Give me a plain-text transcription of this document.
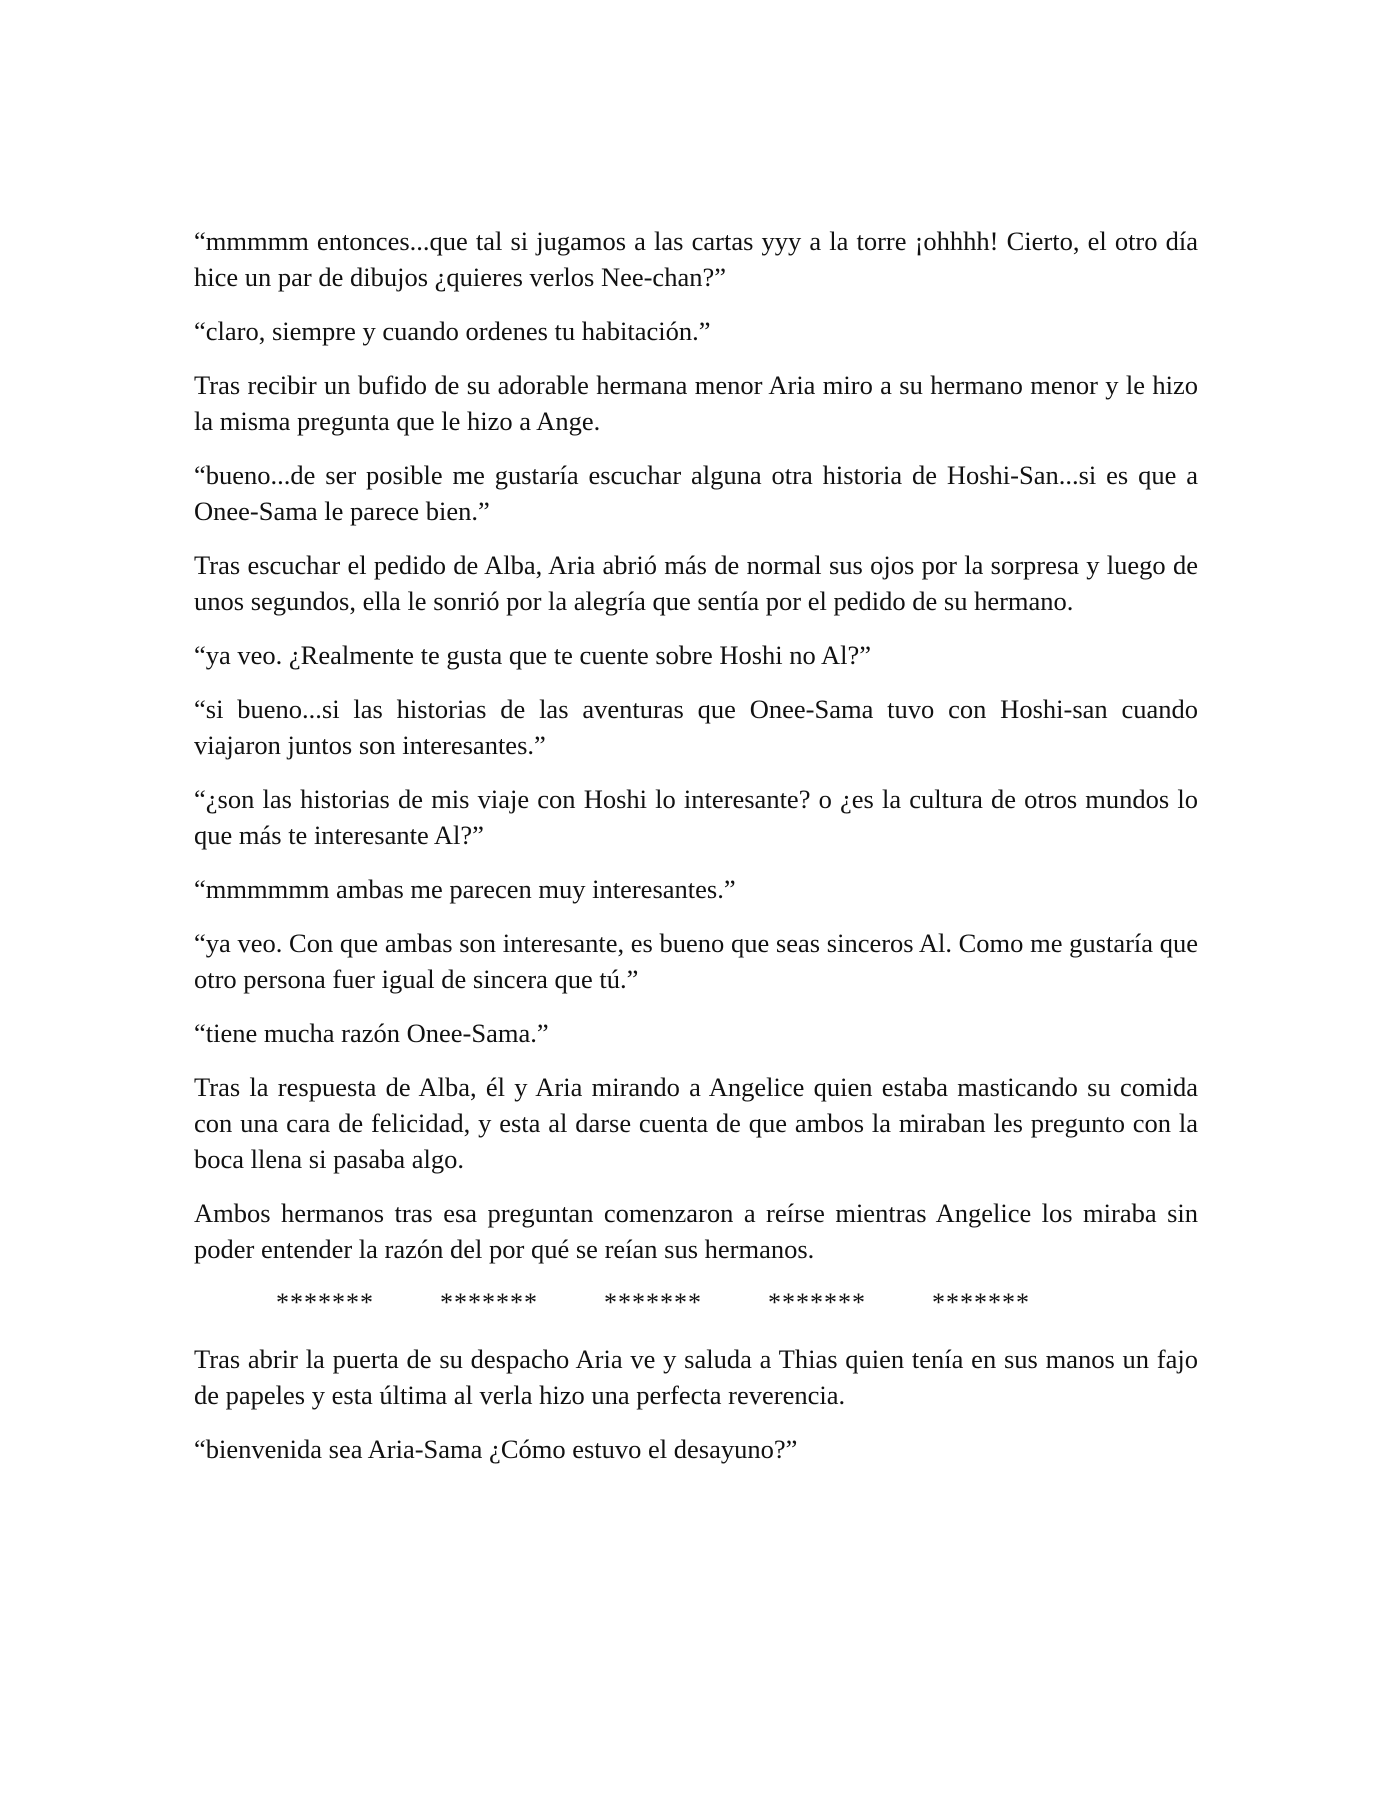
“mmmmm entonces...que tal si jugamos a las cartas yyy a la torre ¡ohhhh! Cierto, el otro día hice un par de dibujos ¿quieres verlos Nee-chan?”

“claro, siempre y cuando ordenes tu habitación.”

Tras recibir un bufido de su adorable hermana menor Aria miro a su hermano menor y le hizo la misma pregunta que le hizo a Ange.

“bueno...de ser posible me gustaría escuchar alguna otra historia de Hoshi-San...si es que a Onee-Sama le parece bien.”

Tras escuchar el pedido de Alba, Aria abrió más de normal sus ojos por la sorpresa y luego de unos segundos, ella le sonrió por la alegría que sentía por el pedido de su hermano.

“ya veo. ¿Realmente te gusta que te cuente sobre Hoshi no Al?”

“si bueno...si las historias de las aventuras que Onee-Sama tuvo con Hoshi-san cuando viajaron juntos son interesantes.”

“¿son las historias de mis viaje con Hoshi lo interesante? o ¿es la cultura de otros mundos lo que más te interesante Al?”

“mmmmmm ambas me parecen muy interesantes.”

“ya veo. Con que ambas son interesante, es bueno que seas sinceros Al. Como me gustaría que otro persona fuer igual de sincera que tú.”

“tiene mucha razón Onee-Sama.”

Tras la respuesta de Alba, él y Aria mirando a Angelice quien estaba masticando su comida con una cara de felicidad, y esta al darse cuenta de que ambos la miraban les pregunto con la boca llena si pasaba algo.

Ambos hermanos tras esa preguntan comenzaron a reírse mientras Angelice los miraba sin poder entender la razón del por qué se reían sus hermanos.

*******	*******	*******	*******	*******

Tras abrir la puerta de su despacho Aria ve y saluda a Thias quien tenía en sus manos un fajo de papeles y esta última al verla hizo una perfecta reverencia.

“bienvenida sea Aria-Sama ¿Cómo estuvo el desayuno?”
